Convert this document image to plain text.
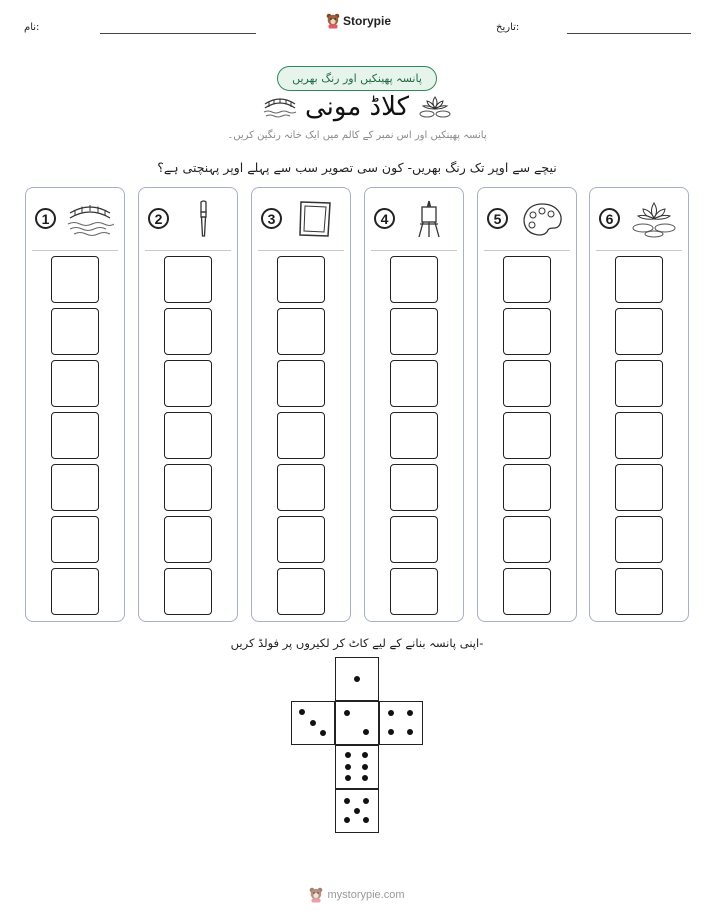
نام:	Storypie	تاریخ:
پانسہ پھینکیں اور رنگ بھریں
کلاڈ مونی
پانسہ پھینکیں اور اس نمبر کے کالم میں ایک خانہ رنگین کریں۔
نیچے سے اوپر تک رنگ بھریں- کون سی تصویر سب سے پہلے اوپر پہنچتی ہے؟
1	2	3	4	5	6
اپنی پانسہ بنانے کے لیے کاٹ کر لکیروں پر فولڈ کریں-
mystorypie.com
